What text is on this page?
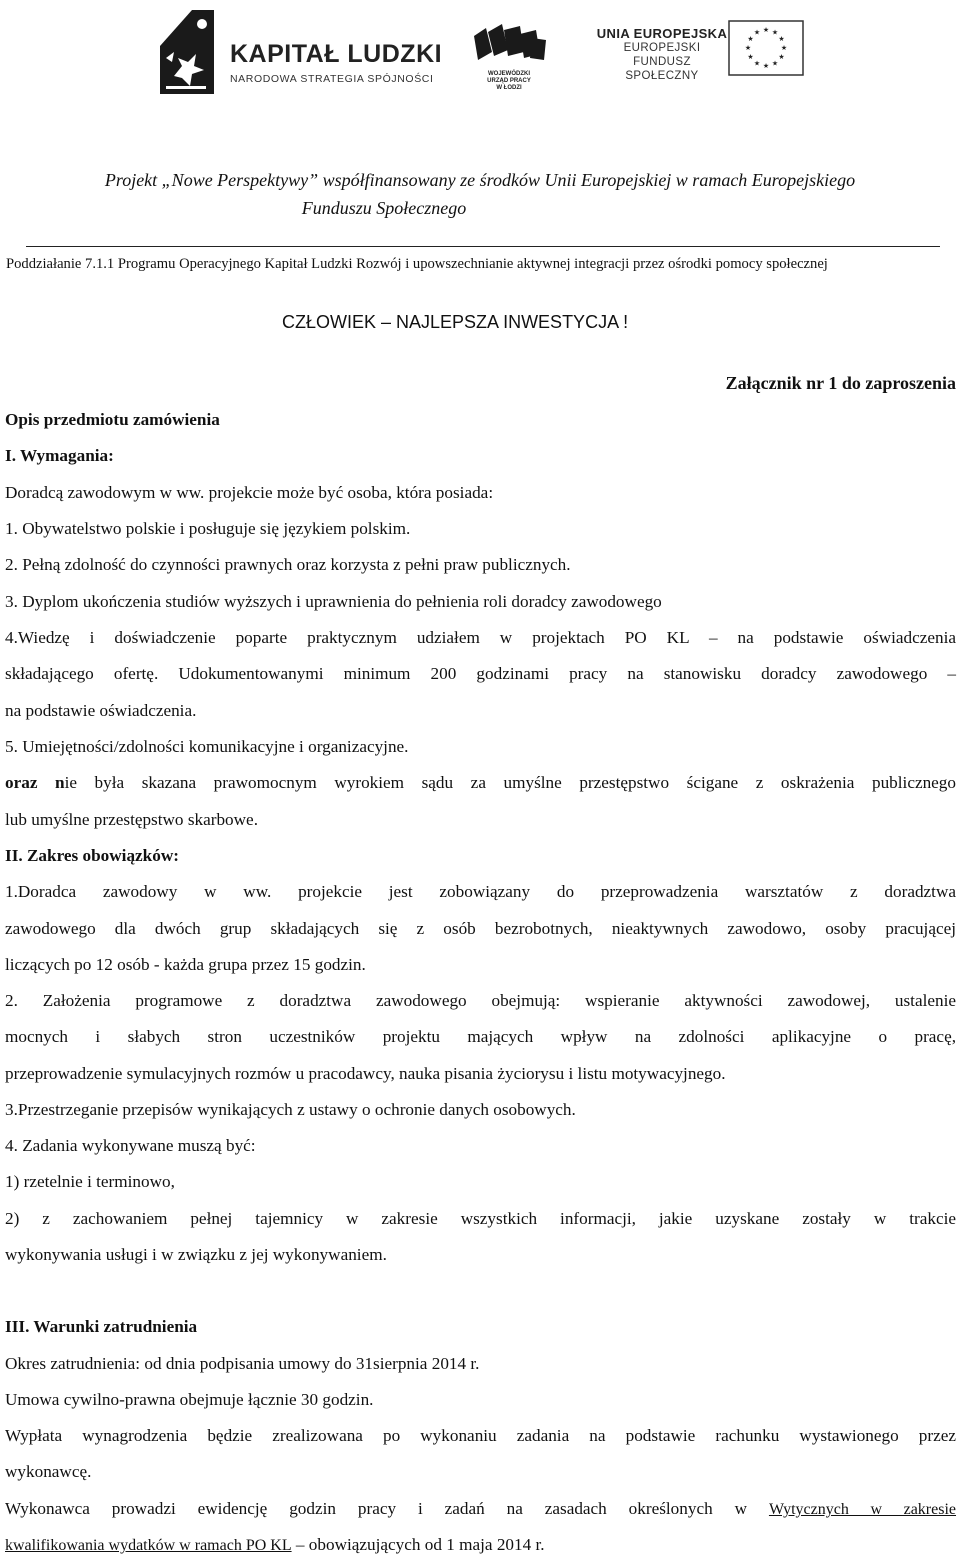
KAPITAŁ LUDZKI
NARODOWA STRATEGIA SPÓJNOŚCI	WOJEWÓDZKI
URZĄD PRACY
W ŁODZI
UNIA EUROPEJSKA
EUROPEJSKI
FUNDUSZ SPOŁECZNY
★ ★
★
★
★
★
★
★
★
★
★
★
Projekt „Nowe Perspektywy” współfinansowany ze środków Unii Europejskiej w ramach Europejskiego
Funduszu Społecznego
Poddziałanie 7.1.1 Programu Operacyjnego Kapitał Ludzki Rozwój i upowszechnianie aktywnej integracji przez ośrodki pomocy społecznej
CZŁOWIEK – NAJLEPSZA INWESTYCJA !
Załącznik nr 1 do zaproszenia
Opis przedmiotu zamówienia
I. Wymagania:
Doradcą zawodowym w ww. projekcie może być osoba, która posiada:
1. Obywatelstwo polskie i posługuje się językiem polskim.
2. Pełną zdolność do czynności prawnych oraz korzysta z pełni praw publicznych.
3. Dyplom ukończenia studiów wyższych i uprawnienia do pełnienia roli doradcy zawodowego
4.Wiedzę i doświadczenie poparte praktycznym udziałem w projektach PO KL – na podstawie oświadczenia
składającego ofertę. Udokumentowanymi minimum 200 godzinami pracy na stanowisku doradcy zawodowego –
na podstawie oświadczenia.
5. Umiejętności/zdolności komunikacyjne i organizacyjne.
oraz nie była skazana prawomocnym wyrokiem sądu za umyślne przestępstwo ścigane z oskrażenia publicznego
lub umyślne przestępstwo skarbowe.
II. Zakres obowiązków:
1.Doradca zawodowy w ww. projekcie jest zobowiązany do przeprowadzenia warsztatów z doradztwa
zawodowego dla dwóch grup składających się z osób bezrobotnych, nieaktywnych zawodowo, osoby pracującej
liczących po 12 osób - każda grupa przez 15 godzin.
2. Założenia programowe z doradztwa zawodowego obejmują: wspieranie aktywności zawodowej, ustalenie
mocnych i słabych stron uczestników projektu mających wpływ na zdolności aplikacyjne o pracę,
przeprowadzenie symulacyjnych rozmów u pracodawcy, nauka pisania życiorysu i listu motywacyjnego.
3.Przestrzeganie przepisów wynikających z ustawy o ochronie danych osobowych.
4. Zadania wykonywane muszą być:
1) rzetelnie i terminowo,
2) z zachowaniem pełnej tajemnicy w zakresie wszystkich informacji, jakie uzyskane zostały w trakcie
wykonywania usługi i w związku z jej wykonywaniem.
III. Warunki zatrudnienia
Okres zatrudnienia: od dnia podpisania umowy do 31sierpnia 2014 r.
Umowa cywilno-prawna obejmuje łącznie 30 godzin.
Wypłata wynagrodzenia będzie zrealizowana po wykonaniu zadania na podstawie rachunku wystawionego przez
wykonawcę.
Wykonawca prowadzi ewidencję godzin pracy i zadań na zasadach określonych w Wytycznych w zakresie
kwalifikowania wydatków w ramach PO KL – obowiązujących od 1 maja 2014 r.
